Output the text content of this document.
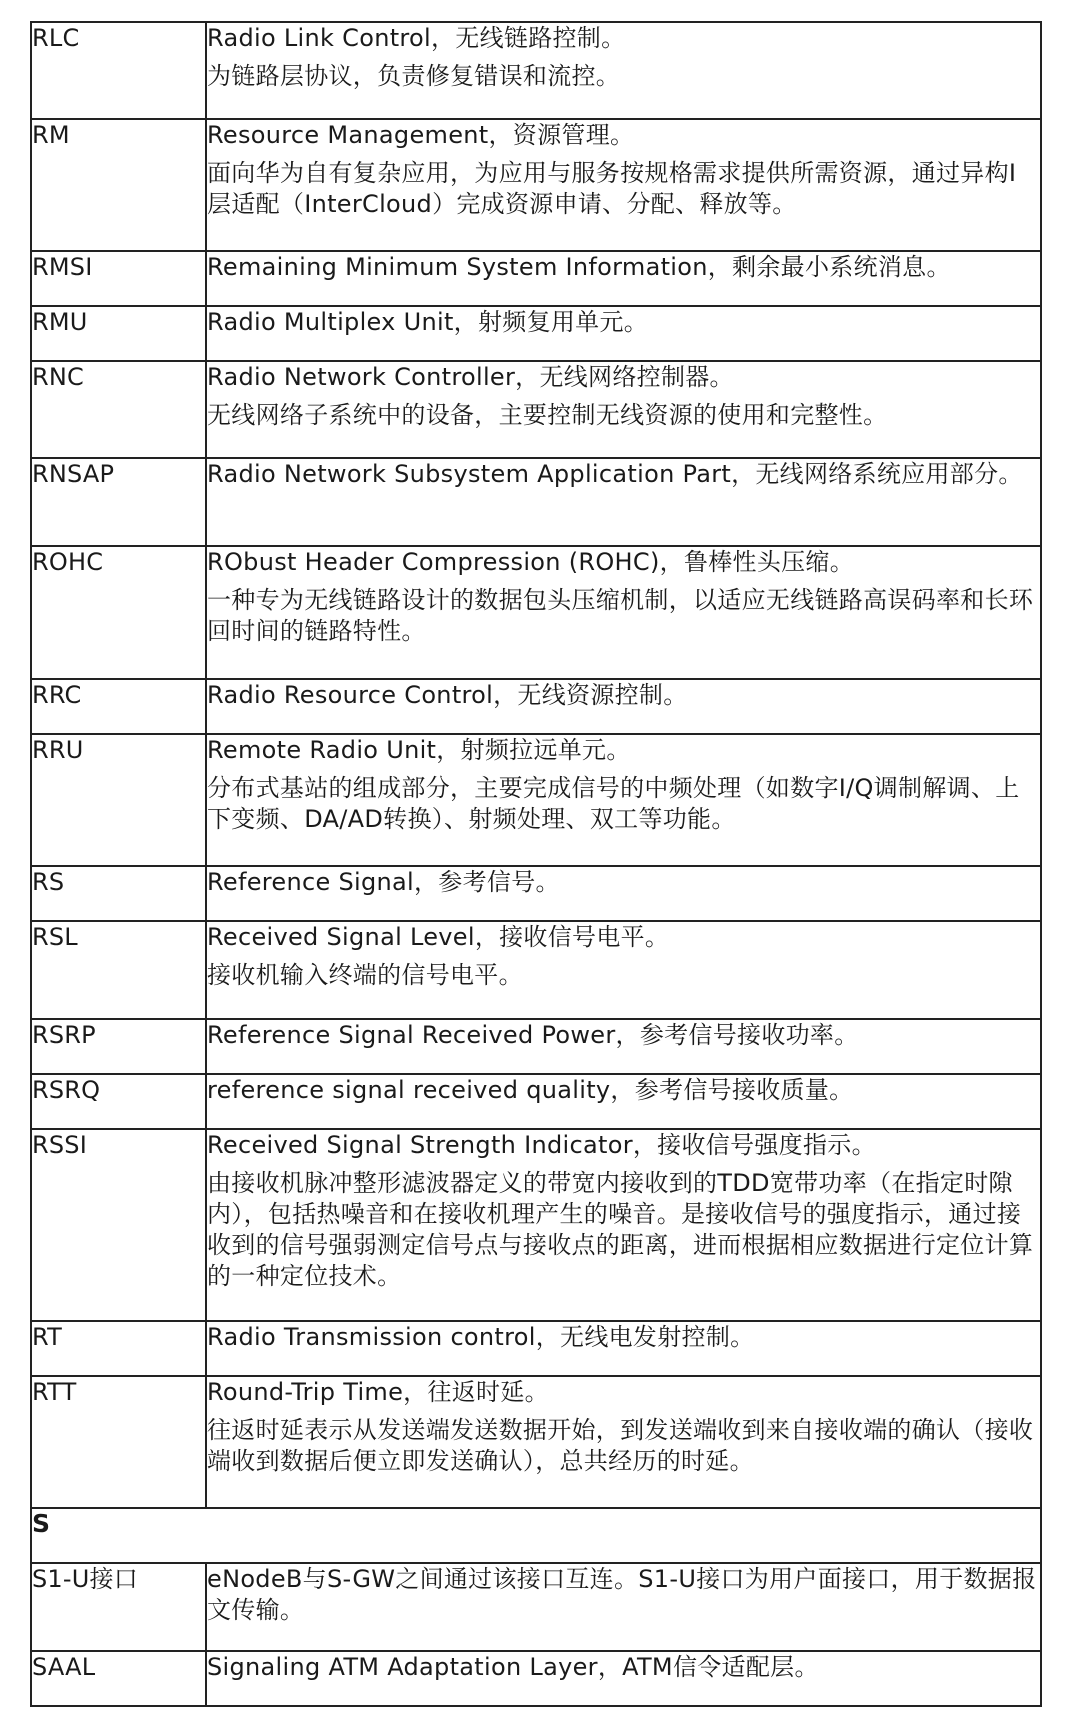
RLC	Radio Link Control，无线链路控制。

为链路层协议，负责修复错误和流控。

RM	Resource Management，资源管理。

面向华为自有复杂应用，为应用与服务按规格需求提供所需资源，通过异构I层适配（InterCloud）完成资源申请、分配、释放等。

RMSI	Remaining Minimum System Information，剩余最小系统消息。

RMU	Radio Multiplex Unit，射频复用单元。

RNC	Radio Network Controller，无线网络控制器。

无线网络子系统中的设备，主要控制无线资源的使用和完整性。

RNSAP	Radio Network Subsystem Application Part，无线网络系统应用部分。

ROHC	RObust Header Compression (ROHC)，鲁棒性头压缩。

一种专为无线链路设计的数据包头压缩机制，以适应无线链路高误码率和长环回时间的链路特性。

RRC	Radio Resource Control，无线资源控制。

RRU	Remote Radio Unit，射频拉远单元。

分布式基站的组成部分，主要完成信号的中频处理（如数字I/Q调制解调、上下变频、DA/AD转换）、射频处理、双工等功能。

RS	Reference Signal，参考信号。

RSL	Received Signal Level，接收信号电平。

接收机输入终端的信号电平。

RSRP	Reference Signal Received Power，参考信号接收功率。

RSRQ	reference signal received quality，参考信号接收质量。

RSSI	Received Signal Strength Indicator，接收信号强度指示。

由接收机脉冲整形滤波器定义的带宽内接收到的TDD宽带功率（在指定时隙内），包括热噪音和在接收机理产生的噪音。是接收信号的强度指示，通过接收到的信号强弱测定信号点与接收点的距离，进而根据相应数据进行定位计算的一种定位技术。

RT	Radio Transmission control，无线电发射控制。

RTT	Round-Trip Time，往返时延。

往返时延表示从发送端发送数据开始，到发送端收到来自接收端的确认（接收端收到数据后便立即发送确认），总共经历的时延。

S	
S1-U接口	eNodeB与S-GW之间通过该接口互连。S1-U接口为用户面接口，用于数据报文传输。

SAAL	Signaling ATM Adaptation Layer，ATM信令适配层。
